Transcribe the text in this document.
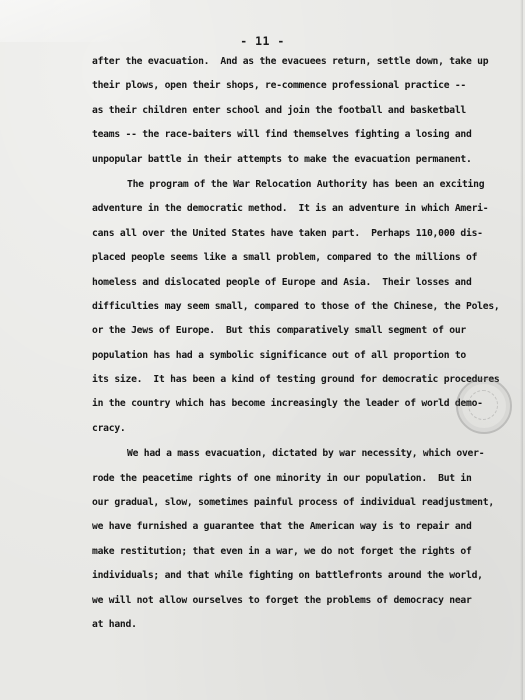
- 11 -
after the evacuation.  And as the evacuees return, settle down, take up
their plows, open their shops, re-commence professional practice --
as their children enter school and join the football and basketball
teams -- the race-baiters will find themselves fighting a losing and
unpopular battle in their attempts to make the evacuation permanent.
The program of the War Relocation Authority has been an exciting
adventure in the democratic method.  It is an adventure in which Ameri-
cans all over the United States have taken part.  Perhaps 110,000 dis-
placed people seems like a small problem, compared to the millions of
homeless and dislocated people of Europe and Asia.  Their losses and
difficulties may seem small, compared to those of the Chinese, the Poles,
or the Jews of Europe.  But this comparatively small segment of our
population has had a symbolic significance out of all proportion to
its size.  It has been a kind of testing ground for democratic procedures
in the country which has become increasingly the leader of world demo-
cracy.
We had a mass evacuation, dictated by war necessity, which over-
rode the peacetime rights of one minority in our population.  But in
our gradual, slow, sometimes painful process of individual readjustment,
we have furnished a guarantee that the American way is to repair and
make restitution; that even in a war, we do not forget the rights of
individuals; and that while fighting on battlefronts around the world,
we will not allow ourselves to forget the problems of democracy near
at hand.
